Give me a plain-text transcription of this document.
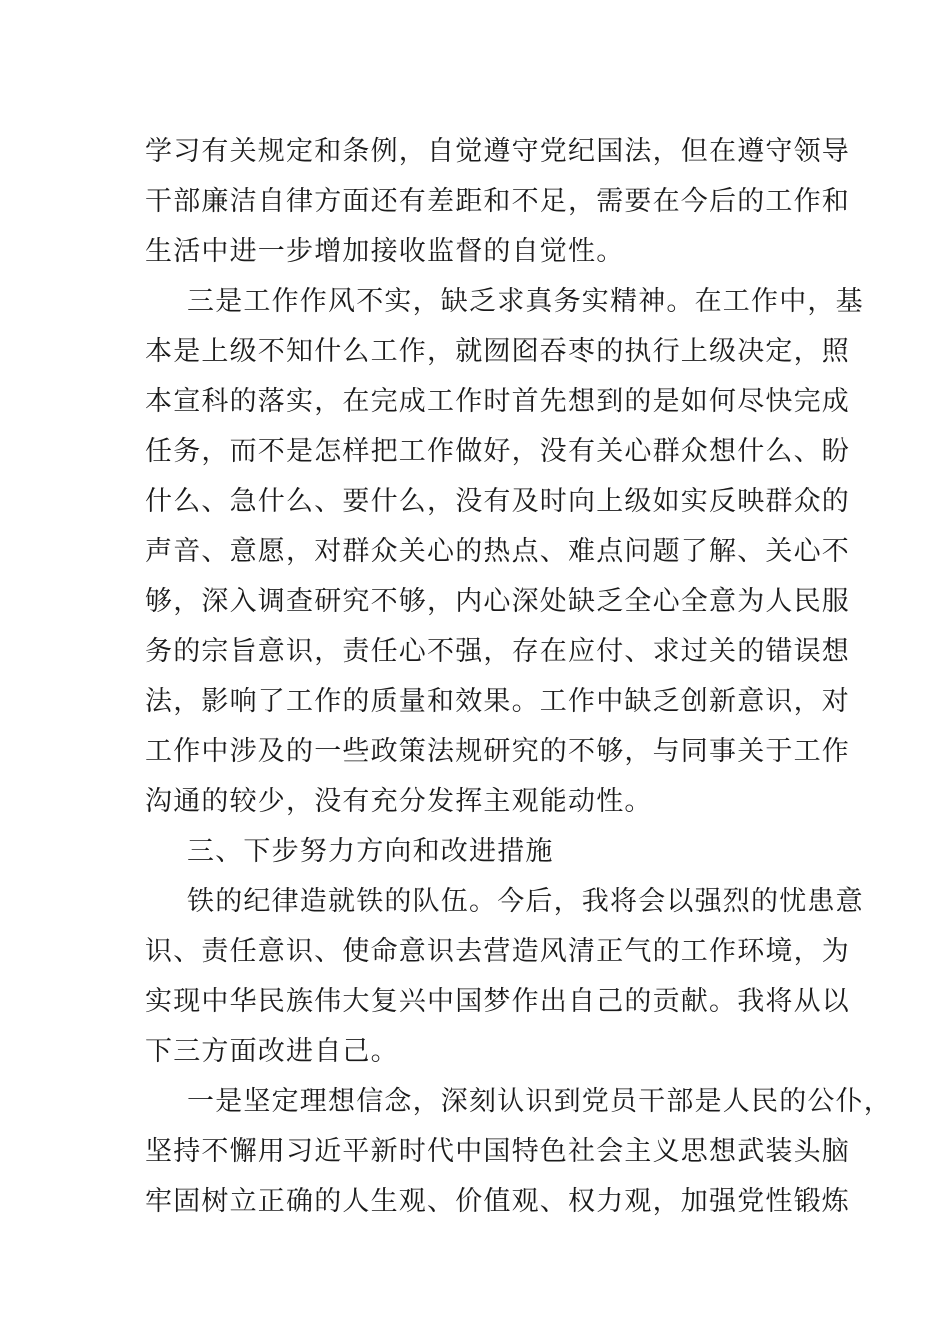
学习有关规定和条例，自觉遵守党纪国法，但在遵守领导
干部廉洁自律方面还有差距和不足，需要在今后的工作和
生活中进一步增加接收监督的自觉性。
三是工作作风不实，缺乏求真务实精神。在工作中，基
本是上级不知什么工作，就囫囵吞枣的执行上级决定，照
本宣科的落实，在完成工作时首先想到的是如何尽快完成
任务，而不是怎样把工作做好，没有关心群众想什么、盼
什么、急什么、要什么，没有及时向上级如实反映群众的
声音、意愿，对群众关心的热点、难点问题了解、关心不
够，深入调查研究不够，内心深处缺乏全心全意为人民服
务的宗旨意识，责任心不强，存在应付、求过关的错误想
法，影响了工作的质量和效果。工作中缺乏创新意识，对
工作中涉及的一些政策法规研究的不够，与同事关于工作
沟通的较少，没有充分发挥主观能动性。
三、下步努力方向和改进措施
铁的纪律造就铁的队伍。今后，我将会以强烈的忧患意
识、责任意识、使命意识去营造风清正气的工作环境，为
实现中华民族伟大复兴中国梦作出自己的贡献。我将从以
下三方面改进自己。
一是坚定理想信念，深刻认识到党员干部是人民的公仆，
坚持不懈用习近平新时代中国特色社会主义思想武装头脑
牢固树立正确的人生观、价值观、权力观，加强党性锻炼
